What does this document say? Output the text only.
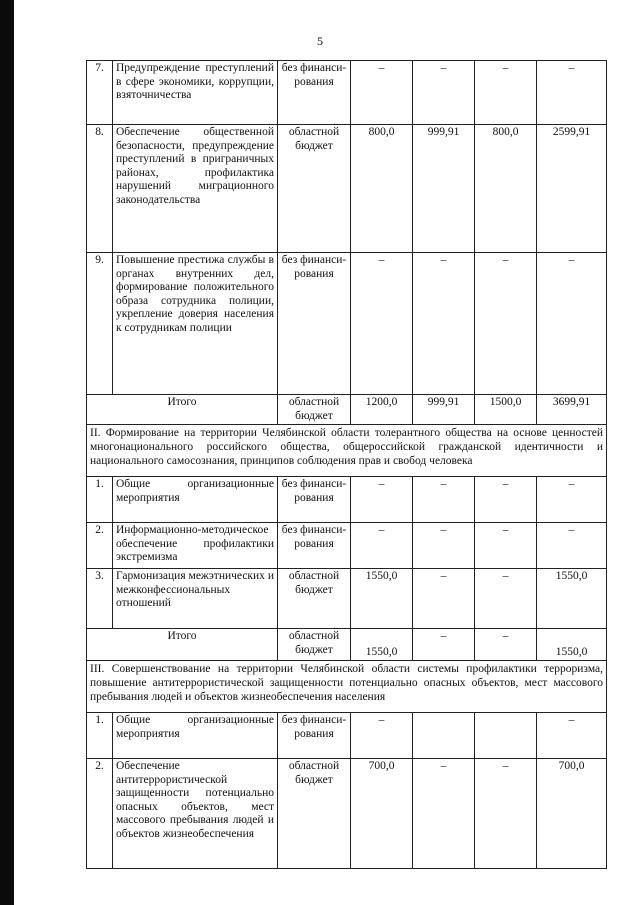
5
7.	Предупреждение преступлений в сфере экономики, коррупции, взяточничества	без финанси-рования	–	–	–	–
8.	Обеспечение общественной безопасности, предупреждение преступлений в приграничных районах, профилактика нарушений миграционного законодательства	областной бюджет	800,0	999,91	800,0	2599,91
9.	Повышение престижа службы в органах внутренних дел, формирование положительного образа сотрудника полиции, укрепление доверия населения к сотрудникам полиции	без финанси-рования	–	–	–	–
Итого		областной бюджет	1200,0	999,91	1500,0	3699,91
II. Формирование на территории Челябинской области толерантного общества на основе ценностей многонационального российского общества, общероссийской гражданской идентичности и национального самосознания, принципов соблюдения прав и свобод человека						
1.	Общие организационные мероприятия	без финанси-рования	–	–	–	–
2.	Информационно-методическое обеспечение профилактики экстремизма	без финанси-рования	–	–	–	–
3.	Гармонизация межэтнических и межконфессиональных отношений	областной бюджет	1550,0	–	–	1550,0
Итого		областной бюджет	1550,0	–	–	1550,0
III. Совершенствование на территории Челябинской области системы профилактики терроризма, повышение антитеррористической защищенности потенциально опасных объектов, мест массового пребывания людей и объектов жизнеобеспечения населения						
1.	Общие организационные мероприятия	без финанси-рования	–			–
2.	Обеспечение антитеррористической защищенности потенциально опасных объектов, мест массового пребывания людей и объектов жизнеобеспечения	областной бюджет	700,0	–	–	700,0
